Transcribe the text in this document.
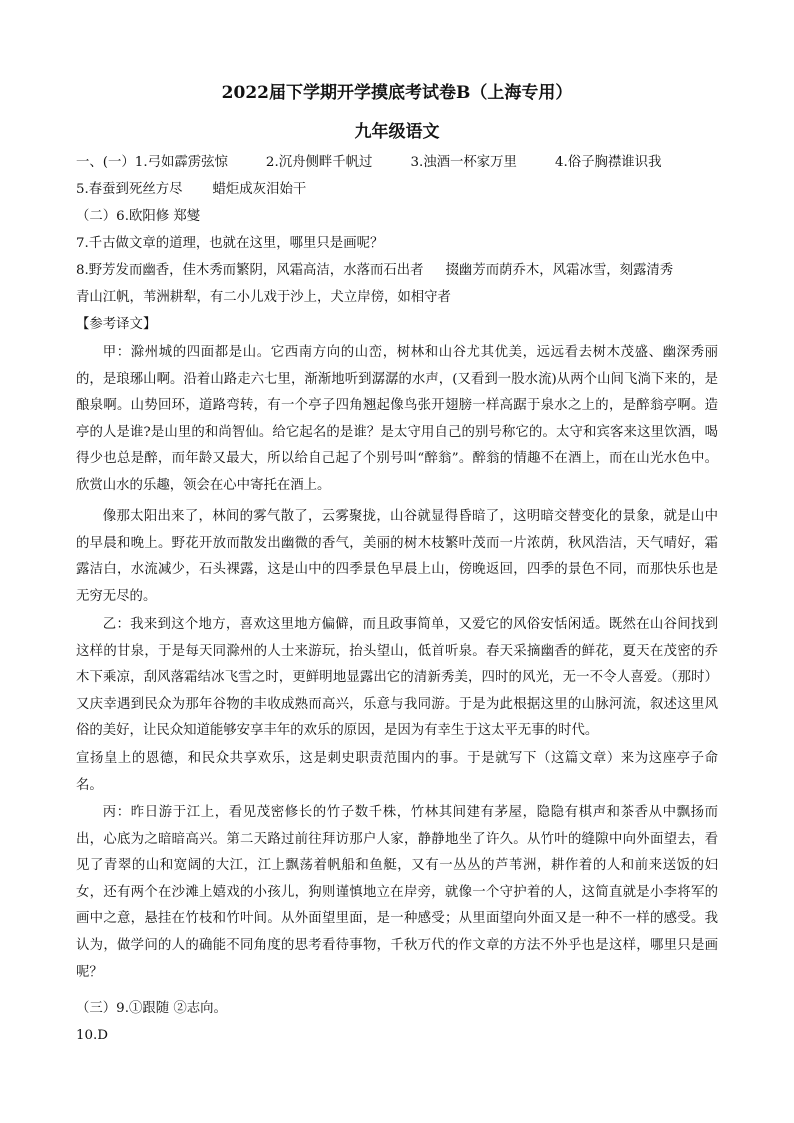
2022届下学期开学摸底考试卷B（上海专用）
九年级语文
一、(一）1.弓如霹雳弦惊	2.沉舟侧畔千帆过	3.浊酒一杯家万里	4.俗子胸襟谁识我
5.春蚕到死丝方尽 蜡炬成灰泪始干
（二）6.欧阳修 郑燮
7.千古做文章的道理，也就在这里，哪里只是画呢？
8.野芳发而幽香，佳木秀而繁阴，风霜高洁，水落而石出者 掇幽芳而荫乔木，风霜冰雪，刻露清秀
青山江帆，苇洲耕犁，有二小儿戏于沙上，犬立岸傍，如相守者
【参考译文】

甲：滁州城的四面都是山。它西南方向的山峦，树林和山谷尤其优美，远远看去树木茂盛、幽深秀丽的，是琅琊山啊。沿着山路走六七里，渐渐地听到潺潺的水声，(又看到一股水流)从两个山间飞淌下来的，是酿泉啊。山势回环，道路弯转，有一个亭子四角翘起像鸟张开翅膀一样高踞于泉水之上的，是醉翁亭啊。造亭的人是谁?是山里的和尚智仙。给它起名的是谁？是太守用自己的别号称它的。太守和宾客来这里饮酒，喝得少也总是醉，而年龄又最大，所以给自己起了个别号叫“醉翁”。醉翁的情趣不在酒上，而在山光水色中。欣赏山水的乐趣，领会在心中寄托在酒上。

像那太阳出来了，林间的雾气散了，云雾聚拢，山谷就显得昏暗了，这明暗交替变化的景象，就是山中的早晨和晚上。野花开放而散发出幽微的香气，美丽的树木枝繁叶茂而一片浓荫，秋风浩洁，天气晴好，霜露洁白，水流减少，石头裸露，这是山中的四季景色早晨上山，傍晚返回，四季的景色不同，而那快乐也是无穷无尽的。

乙：我来到这个地方，喜欢这里地方偏僻，而且政事简单，又爱它的风俗安恬闲适。既然在山谷间找到这样的甘泉，于是每天同滁州的人士来游玩，抬头望山，低首听泉。春天采摘幽香的鲜花，夏天在茂密的乔木下乘凉，刮风落霜结冰飞雪之时，更鲜明地显露出它的清新秀美，四时的风光，无一不令人喜爱。（那时）又庆幸遇到民众为那年谷物的丰收成熟而高兴，乐意与我同游。于是为此根据这里的山脉河流，叙述这里风俗的美好，让民众知道能够安享丰年的欢乐的原因，是因为有幸生于这太平无事的时代。

宣扬皇上的恩德，和民众共享欢乐，这是刺史职责范围内的事。于是就写下（这篇文章）来为这座亭子命名。

丙：昨日游于江上，看见茂密修长的竹子数千株，竹林其间建有茅屋，隐隐有棋声和茶香从中飘扬而出，心底为之暗暗高兴。第二天路过前往拜访那户人家，静静地坐了许久。从竹叶的缝隙中向外面望去，看见了青翠的山和宽阔的大江，江上飘荡着帆船和鱼艇，又有一丛丛的芦苇洲，耕作着的人和前来送饭的妇女，还有两个在沙滩上嬉戏的小孩儿，狗则谨慎地立在岸旁，就像一个守护着的人，这简直就是小李将军的画中之意，悬挂在竹枝和竹叶间。从外面望里面，是一种感受；从里面望向外面又是一种不一样的感受。我认为，做学问的人的确能不同角度的思考看待事物，千秋万代的作文章的方法不外乎也是这样，哪里只是画呢？

（三）9.①跟随 ②志向。
10.D
